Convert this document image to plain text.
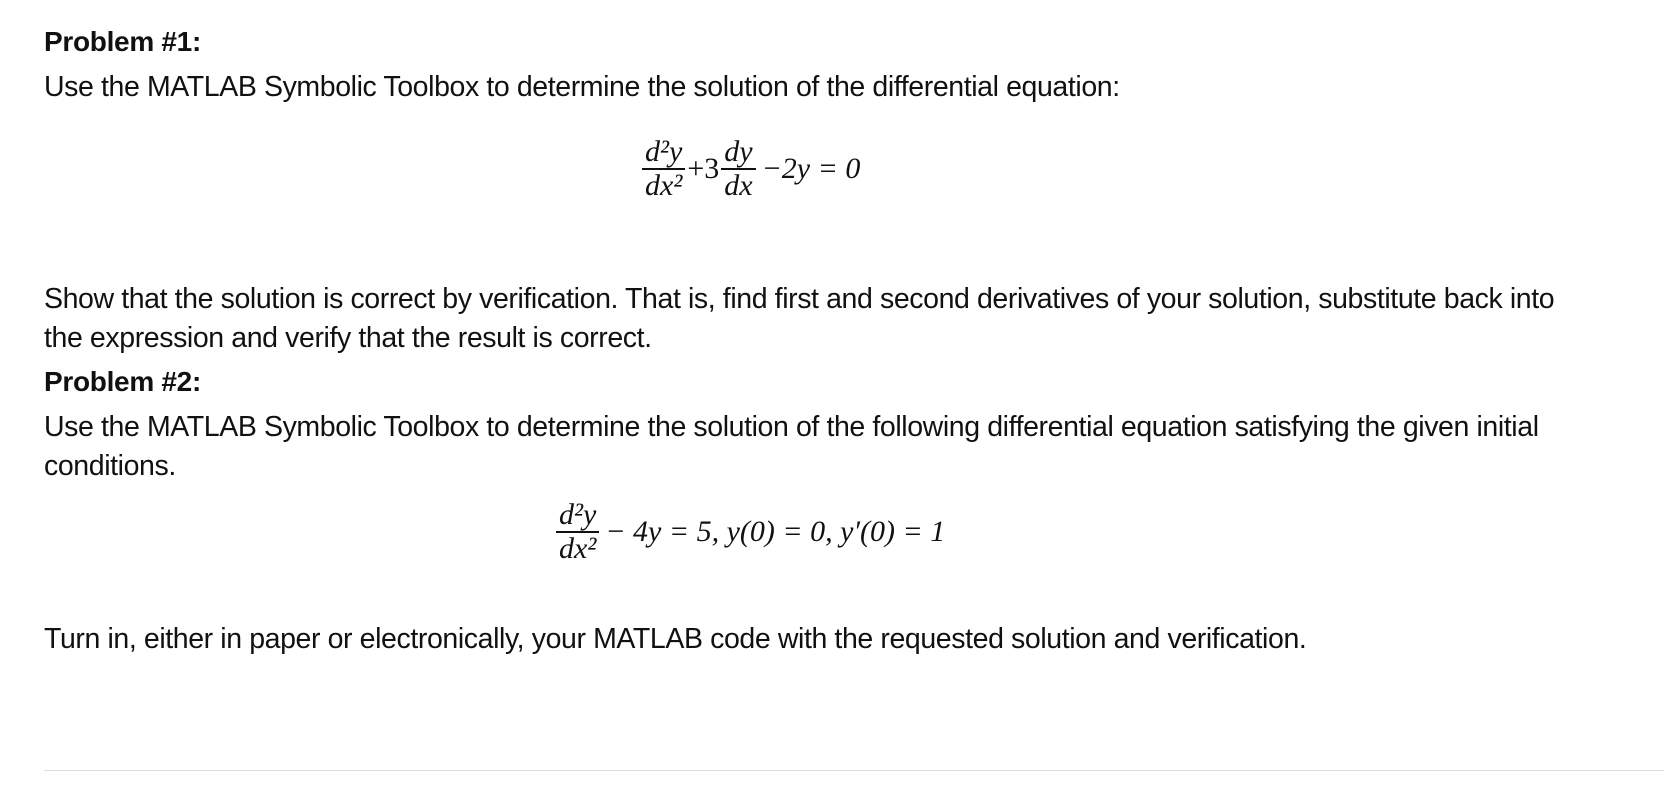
Problem #1:
Use the MATLAB Symbolic Toolbox to determine the solution of the differential equation:
$\frac{\text{d²y}}{\text{dx²}} +3 \frac{dy}{dx} -2y = 0$
Show that the solution is correct by verification. That is, find first and second derivatives of your solution, substitute back into
the expression and verify that the result is correct.
Problem #2:
Use the MATLAB Symbolic Toolbox to determine the solution of the following differential equation satisfying the given initial
conditions.
$\frac{\text{d²y}}{\text{dx²}} - 4y = 5$, y(0) = 0, y′(0) = 1
Turn in, either in paper or electronically, your MATLAB code with the requested solution and verification.
